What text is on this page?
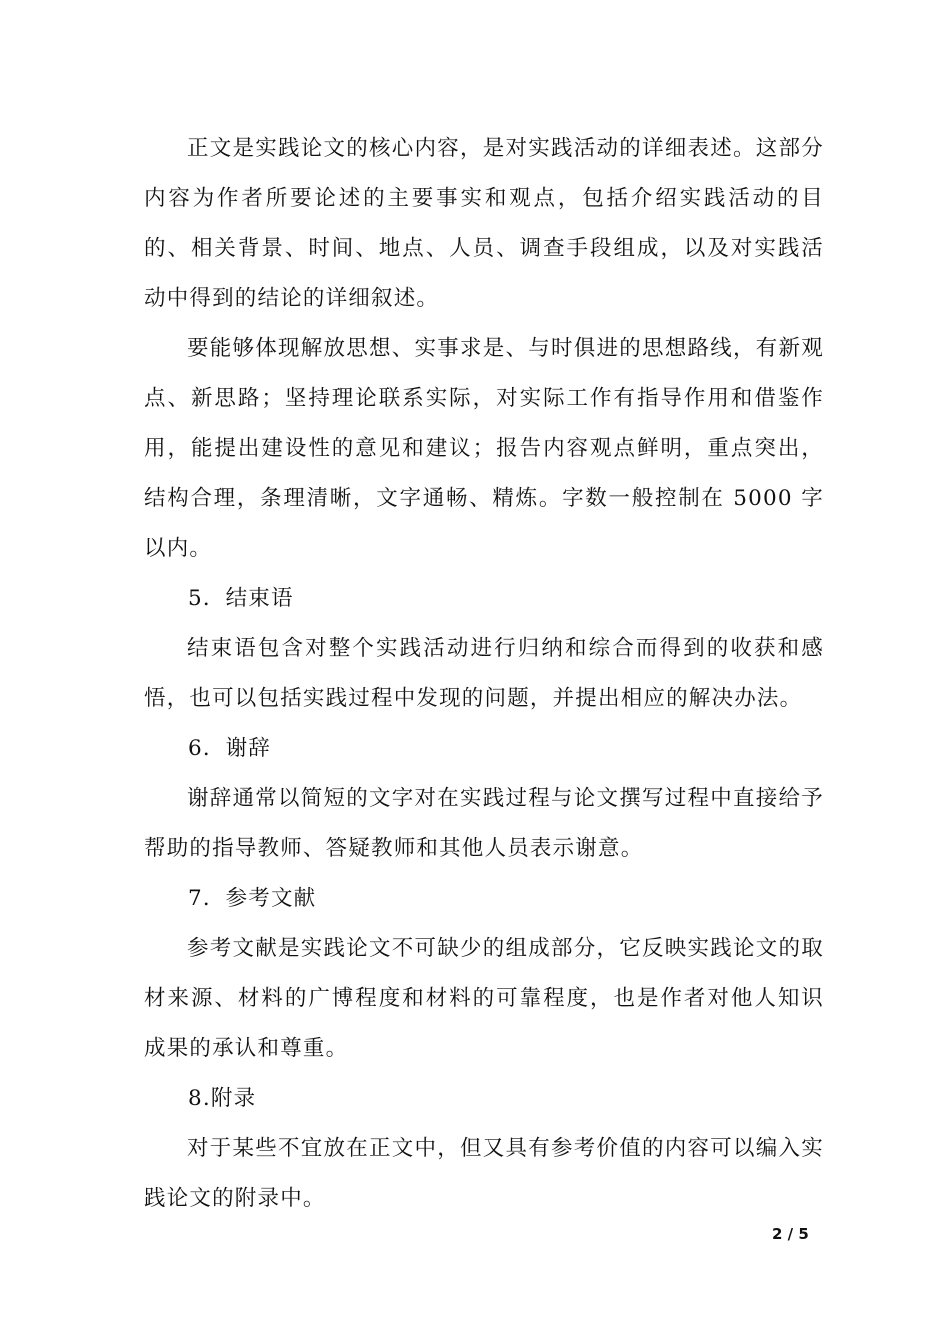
正文是实践论文的核心内容，是对实践活动的详细表述。这部分内容为作者所要论述的主要事实和观点，包括介绍实践活动的目的、相关背景、时间、地点、人员、调查手段组成，以及对实践活动中得到的结论的详细叙述。

要能够体现解放思想、实事求是、与时俱进的思想路线，有新观点、新思路；坚持理论联系实际，对实际工作有指导作用和借鉴作用，能提出建设性的意见和建议；报告内容观点鲜明，重点突出，结构合理，条理清晰，文字通畅、精炼。字数一般控制在 5000 字以内。

5．结束语

结束语包含对整个实践活动进行归纳和综合而得到的收获和感悟，也可以包括实践过程中发现的问题，并提出相应的解决办法。

6．谢辞

谢辞通常以简短的文字对在实践过程与论文撰写过程中直接给予帮助的指导教师、答疑教师和其他人员表示谢意。

7．参考文献

参考文献是实践论文不可缺少的组成部分，它反映实践论文的取材来源、材料的广博程度和材料的可靠程度，也是作者对他人知识成果的承认和尊重。

8.附录

对于某些不宜放在正文中，但又具有参考价值的内容可以编入实践论文的附录中。

2 / 5
